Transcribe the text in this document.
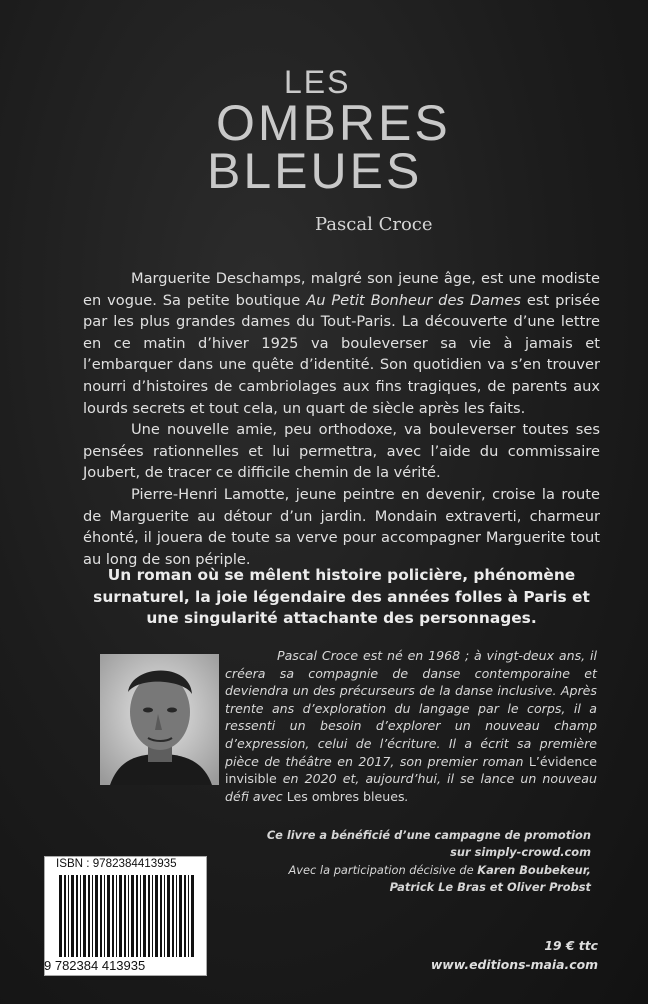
LES
OMBRES
BLEUES
Pascal Croce

Marguerite Deschamps, malgré son jeune âge, est une modiste en vogue. Sa petite boutique Au Petit Bonheur des Dames est prisée par les plus grandes dames du Tout-Paris. La découverte d’une lettre en ce matin d’hiver 1925 va bouleverser sa vie à jamais et l’embarquer dans une quête d’identité. Son quotidien va s’en trouver nourri d’histoires de cambriolages aux fins tragiques, de parents aux lourds secrets et tout cela, un quart de siècle après les faits.

Une nouvelle amie, peu orthodoxe, va bouleverser toutes ses pensées rationnelles et lui permettra, avec l’aide du commissaire Joubert, de tracer ce difficile chemin de la vérité.

Pierre-Henri Lamotte, jeune peintre en devenir, croise la route de Marguerite au détour d’un jardin. Mondain extraverti, charmeur éhonté, il jouera de toute sa verve pour accompagner Marguerite tout au long de son périple.

Un roman où se mêlent histoire policière, phénomène surnaturel, la joie légendaire des années folles à Paris et une singularité attachante des personnages.
Pascal Croce est né en 1968 ; à vingt-deux ans, il créera sa compagnie de danse contemporaine et deviendra un des précurseurs de la danse inclusive. Après trente ans d’exploration du langage par le corps, il a ressenti un besoin d’explorer un nouveau champ d’expression, celui de l’écriture. Il a écrit sa première pièce de théâtre en 2017, son premier roman L’évidence invisible en 2020 et, aujourd’hui, il se lance un nouveau défi avec Les ombres bleues.
Ce livre a bénéficié d’une campagne de promotion
sur simply-crowd.com
Avec la participation décisive de Karen Boubekeur,
Patrick Le Bras et Oliver Probst
ISBN : 9782384413935
9 782384 413935
19 € ttc
www.editions-maia.com
